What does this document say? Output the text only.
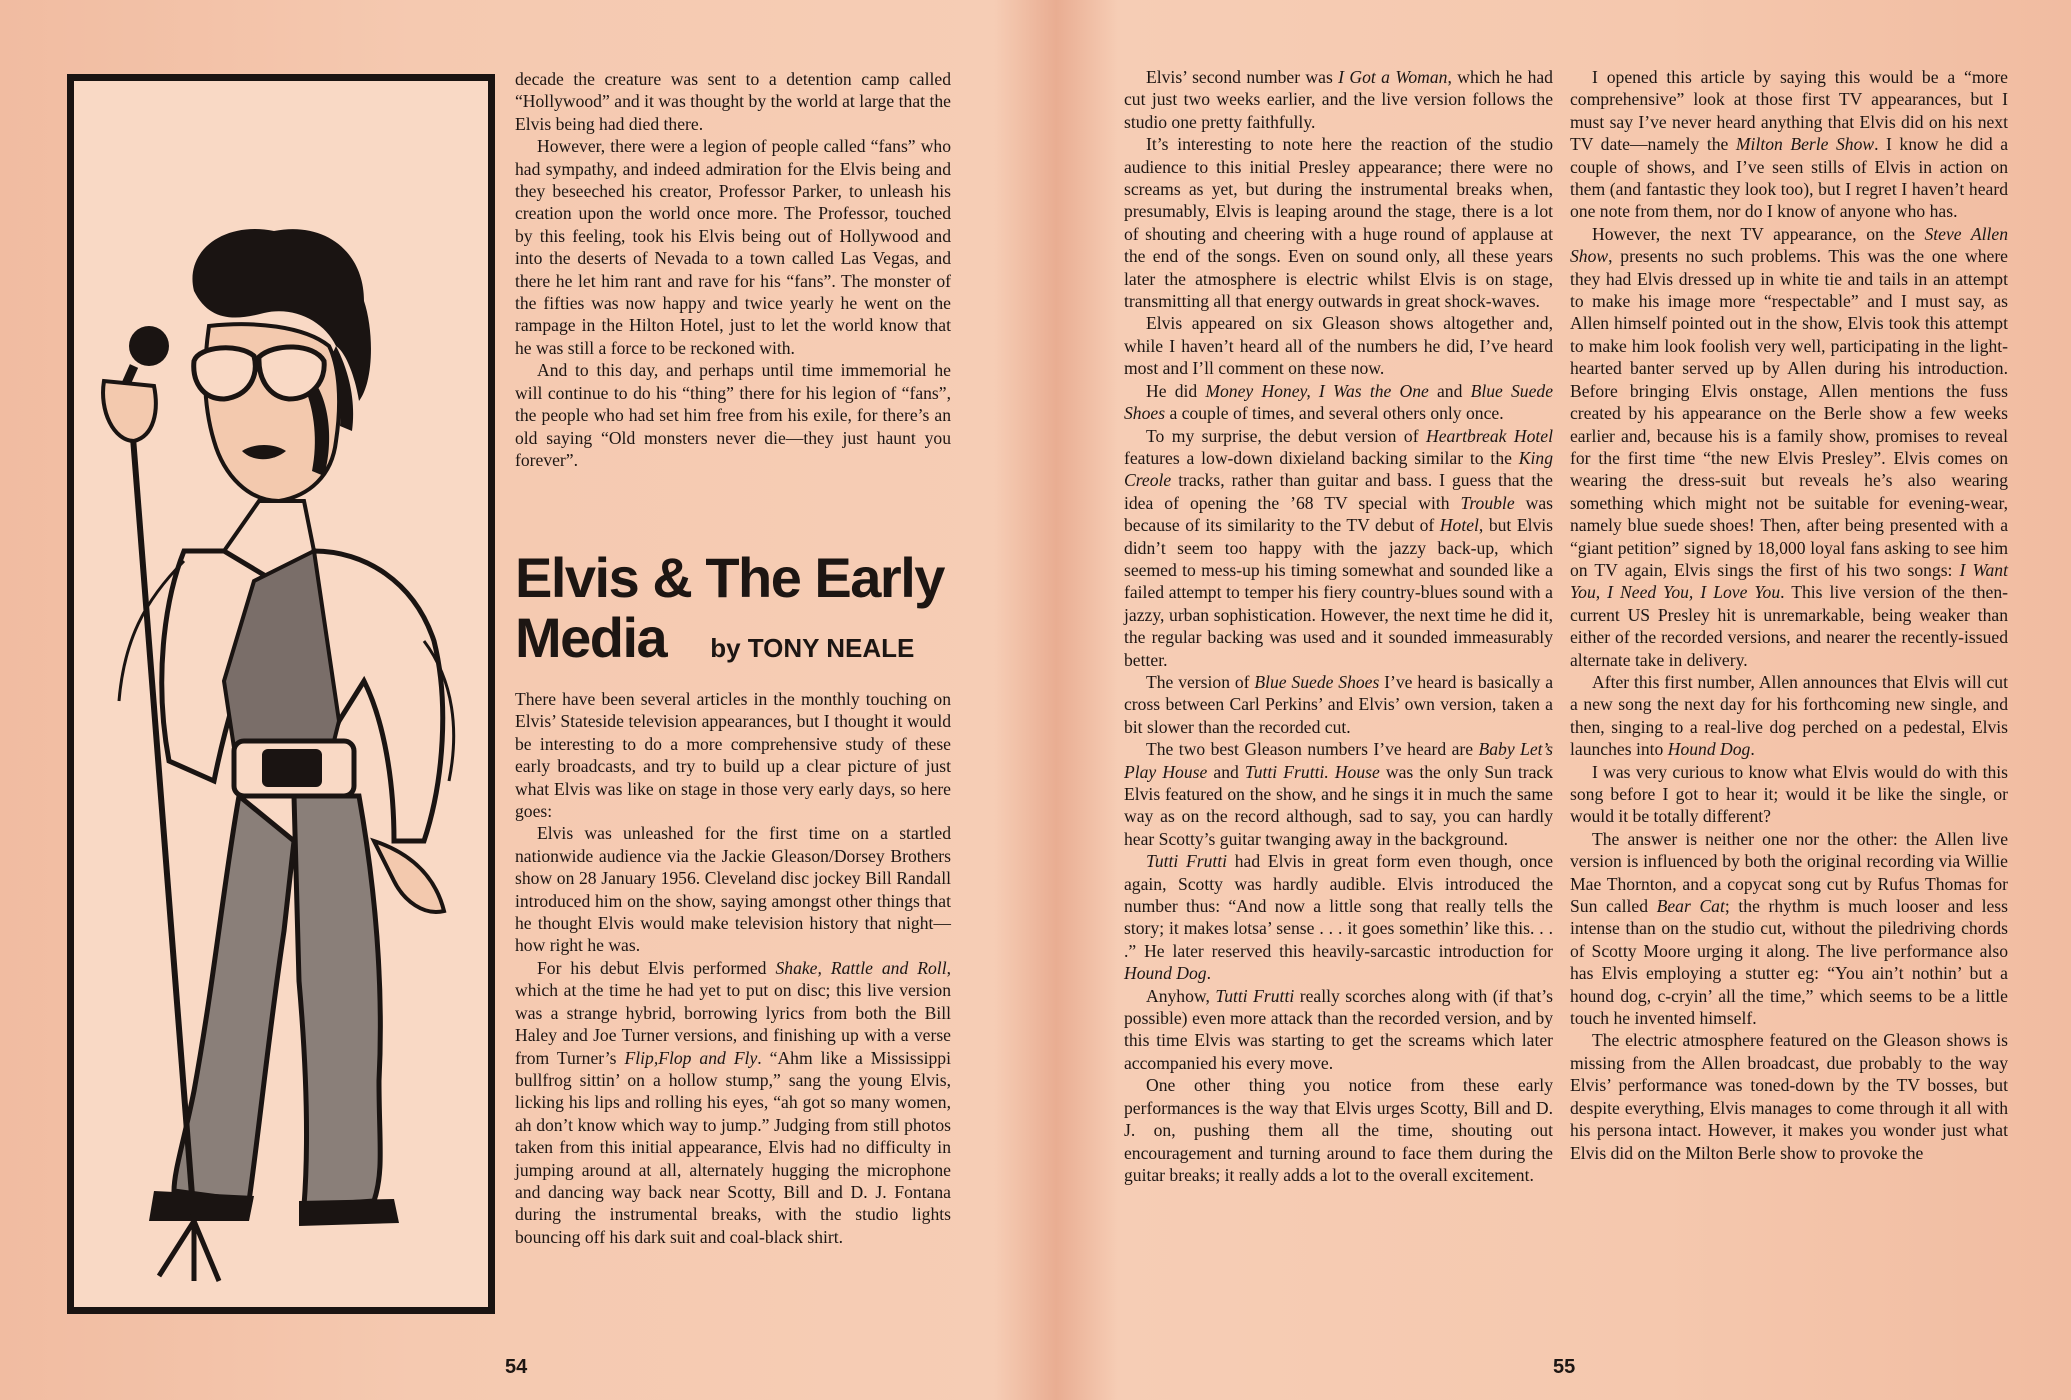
decade the creature was sent to a detention camp called “Hollywood” and it was thought by the world at large that the Elvis being had died there.

However, there were a legion of people called “fans” who had sympathy, and indeed admiration for the Elvis being and they beseeched his creator, Professor Parker, to unleash his creation upon the world once more. The Professor, touched by this feeling, took his Elvis being out of Hollywood and into the deserts of Nevada to a town called Las Vegas, and there he let him rant and rave for his “fans”. The monster of the fifties was now happy and twice yearly he went on the rampage in the Hilton Hotel, just to let the world know that he was still a force to be reckoned with.

And to this day, and perhaps until time immemorial he will continue to do his “thing” there for his legion of “fans”, the people who had set him free from his exile, for there’s an old saying “Old monsters never die—they just haunt you forever”.

Elvis & The Early
Media by TONY NEALE

There have been several articles in the monthly touching on Elvis’ Stateside television appearances, but I thought it would be interesting to do a more comprehensive study of these early broadcasts, and try to build up a clear picture of just what Elvis was like on stage in those very early days, so here goes:

Elvis was unleashed for the first time on a startled nationwide audience via the Jackie Gleason/Dorsey Brothers show on 28 January 1956. Cleveland disc jockey Bill Randall introduced him on the show, saying amongst other things that he thought Elvis would make television history that night—how right he was.

For his debut Elvis performed Shake, Rattle and Roll, which at the time he had yet to put on disc; this live version was a strange hybrid, borrowing lyrics from both the Bill Haley and Joe Turner versions, and finishing up with a verse from Turner’s Flip,Flop and Fly. “Ahm like a Mississippi bullfrog sittin’ on a hollow stump,” sang the young Elvis, licking his lips and rolling his eyes, “ah got so many women, ah don’t know which way to jump.” Judging from still photos taken from this initial appearance, Elvis had no difficulty in jumping around at all, alternately hugging the microphone and dancing way back near Scotty, Bill and D. J. Fontana during the instrumental breaks, with the studio lights bouncing off his dark suit and coal-black shirt.

54

Elvis’ second number was I Got a Woman, which he had cut just two weeks earlier, and the live version follows the studio one pretty faithfully.

It’s interesting to note here the reaction of the studio audience to this initial Presley appearance; there were no screams as yet, but during the instrumental breaks when, presumably, Elvis is leaping around the stage, there is a lot of shouting and cheering with a huge round of applause at the end of the songs. Even on sound only, all these years later the atmosphere is electric whilst Elvis is on stage, transmitting all that energy outwards in great shock-waves.

Elvis appeared on six Gleason shows altogether and, while I haven’t heard all of the numbers he did, I’ve heard most and I’ll comment on these now.

He did Money Honey, I Was the One and Blue Suede Shoes a couple of times, and several others only once.

To my surprise, the debut version of Heartbreak Hotel features a low-down dixieland backing similar to the King Creole tracks, rather than guitar and bass. I guess that the idea of opening the ’68 TV special with Trouble was because of its similarity to the TV debut of Hotel, but Elvis didn’t seem too happy with the jazzy back-up, which seemed to mess-up his timing somewhat and sounded like a failed attempt to temper his fiery country-blues sound with a jazzy, urban sophistication. However, the next time he did it, the regular backing was used and it sounded immeasurably better.

The version of Blue Suede Shoes I’ve heard is basically a cross between Carl Perkins’ and Elvis’ own version, taken a bit slower than the recorded cut.

The two best Gleason numbers I’ve heard are Baby Let’s Play House and Tutti Frutti. House was the only Sun track Elvis featured on the show, and he sings it in much the same way as on the record although, sad to say, you can hardly hear Scotty’s guitar twanging away in the background.

Tutti Frutti had Elvis in great form even though, once again, Scotty was hardly audible. Elvis introduced the number thus: “And now a little song that really tells the story; it makes lotsa’ sense . . . it goes somethin’ like this. . . .” He later reserved this heavily-sarcastic introduction for Hound Dog.

Anyhow, Tutti Frutti really scorches along with (if that’s possible) even more attack than the recorded version, and by this time Elvis was starting to get the screams which later accompanied his every move.

One other thing you notice from these early performances is the way that Elvis urges Scotty, Bill and D. J. on, pushing them all the time, shouting out encouragement and turning around to face them during the guitar breaks; it really adds a lot to the overall excitement.

I opened this article by saying this would be a “more comprehensive” look at those first TV appearances, but I must say I’ve never heard anything that Elvis did on his next TV date—namely the Milton Berle Show. I know he did a couple of shows, and I’ve seen stills of Elvis in action on them (and fantastic they look too), but I regret I haven’t heard one note from them, nor do I know of anyone who has.

However, the next TV appearance, on the Steve Allen Show, presents no such problems. This was the one where they had Elvis dressed up in white tie and tails in an attempt to make his image more “respectable” and I must say, as Allen himself pointed out in the show, Elvis took this attempt to make him look foolish very well, participating in the light-hearted banter served up by Allen during his introduction. Before bringing Elvis onstage, Allen mentions the fuss created by his appearance on the Berle show a few weeks earlier and, because his is a family show, promises to reveal for the first time “the new Elvis Presley”. Elvis comes on wearing the dress-suit but reveals he’s also wearing something which might not be suitable for evening-wear, namely blue suede shoes! Then, after being presented with a “giant petition” signed by 18,000 loyal fans asking to see him on TV again, Elvis sings the first of his two songs: I Want You, I Need You, I Love You. This live version of the then-current US Presley hit is unremarkable, being weaker than either of the recorded versions, and nearer the recently-issued alternate take in delivery.

After this first number, Allen announces that Elvis will cut a new song the next day for his forthcoming new single, and then, singing to a real-live dog perched on a pedestal, Elvis launches into Hound Dog.

I was very curious to know what Elvis would do with this song before I got to hear it; would it be like the single, or would it be totally different?

The answer is neither one nor the other: the Allen live version is influenced by both the original recording via Willie Mae Thornton, and a copycat song cut by Rufus Thomas for Sun called Bear Cat; the rhythm is much looser and less intense than on the studio cut, without the piledriving chords of Scotty Moore urging it along. The live performance also has Elvis employing a stutter eg: “You ain’t nothin’ but a hound dog, c-cryin’ all the time,” which seems to be a little touch he invented himself.

The electric atmosphere featured on the Gleason shows is missing from the Allen broadcast, due probably to the way Elvis’ performance was toned-down by the TV bosses, but despite everything, Elvis manages to come through it all with his persona intact. However, it makes you wonder just what Elvis did on the Milton Berle show to provoke the

55
